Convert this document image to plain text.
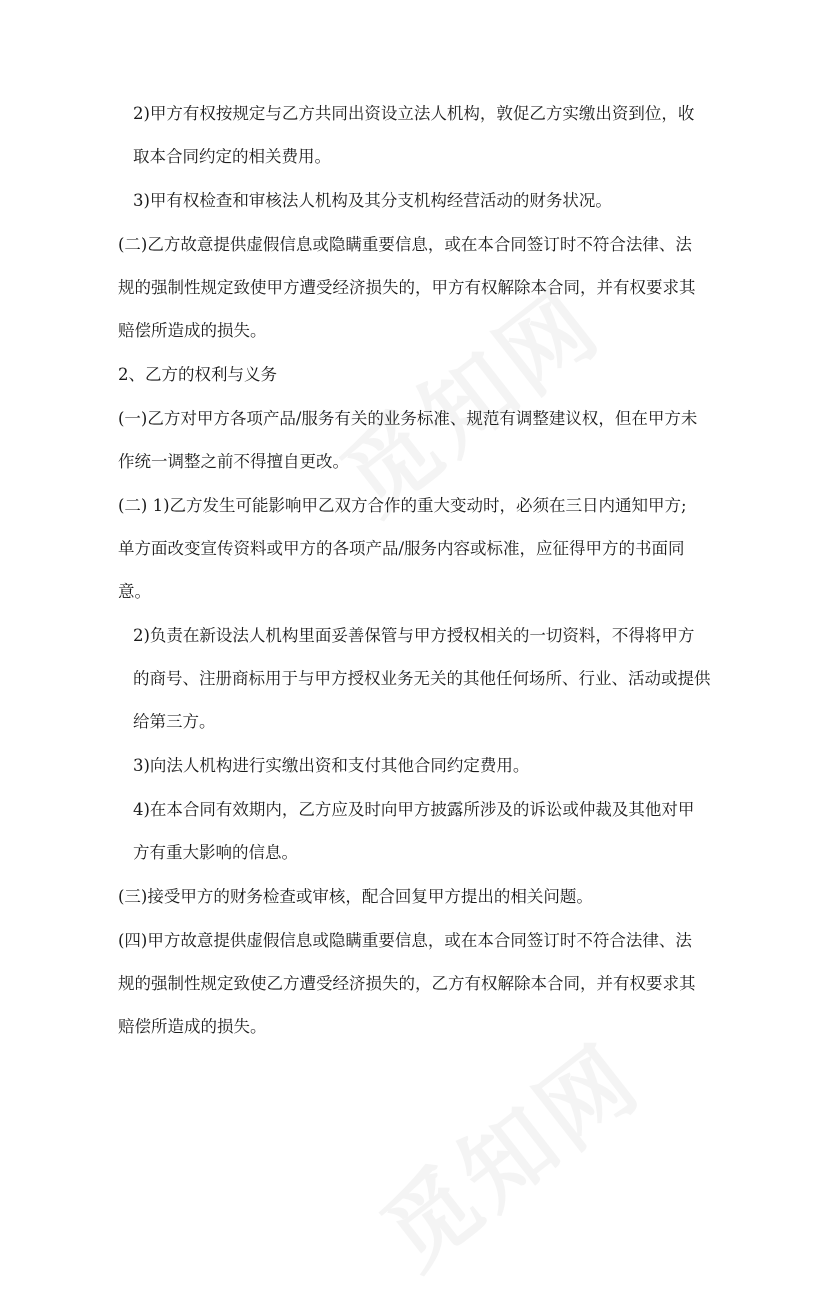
2)甲方有权按规定与乙方共同出资设立法人机构，敦促乙方实缴出资到位，收
取本合同约定的相关费用。
3)甲有权检查和审核法人机构及其分支机构经营活动的财务状况。
(二)乙方故意提供虚假信息或隐瞒重要信息，或在本合同签订时不符合法律、法
规的强制性规定致使甲方遭受经济损失的，甲方有权解除本合同，并有权要求其
赔偿所造成的损失。
2、乙方的权利与义务
(一)乙方对甲方各项产品/服务有关的业务标准、规范有调整建议权，但在甲方未
作统一调整之前不得擅自更改。
(二) 1)乙方发生可能影响甲乙双方合作的重大变动时，必须在三日内通知甲方;
单方面改变宣传资料或甲方的各项产品/服务内容或标准，应征得甲方的书面同
意。
2)负责在新设法人机构里面妥善保管与甲方授权相关的一切资料，不得将甲方
的商号、注册商标用于与甲方授权业务无关的其他任何场所、行业、活动或提供
给第三方。
3)向法人机构进行实缴出资和支付其他合同约定费用。
4)在本合同有效期内，乙方应及时向甲方披露所涉及的诉讼或仲裁及其他对甲
方有重大影响的信息。
(三)接受甲方的财务检查或审核，配合回复甲方提出的相关问题。
(四)甲方故意提供虚假信息或隐瞒重要信息，或在本合同签订时不符合法律、法
规的强制性规定致使乙方遭受经济损失的，乙方有权解除本合同，并有权要求其
赔偿所造成的损失。
